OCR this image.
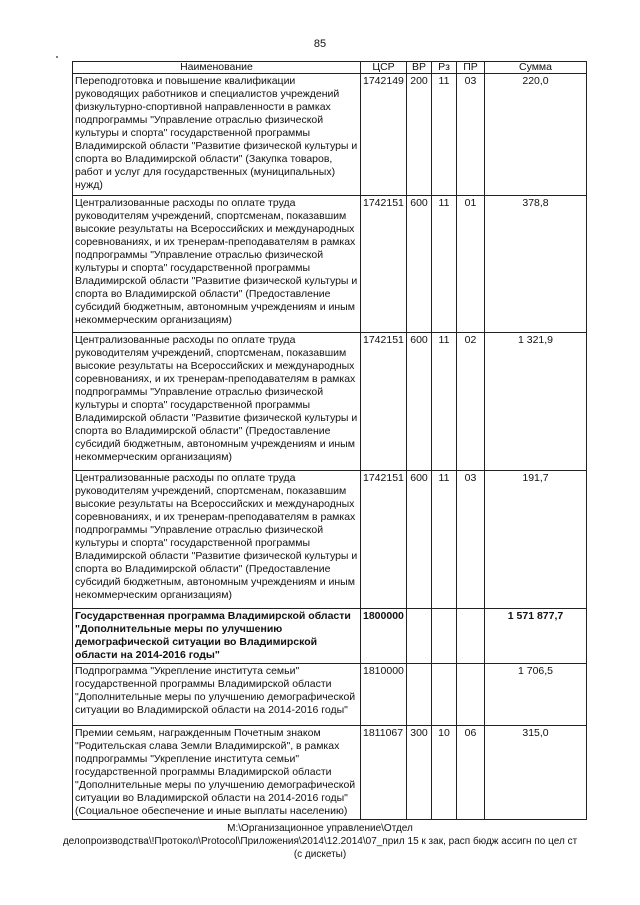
85
Наименование	ЦСР	ВР	Рз	ПР	Сумма
Переподготовка и повышение квалификации руководящих работников и специалистов учреждений физкультурно-спортивной направленности в рамках подпрограммы "Управление отраслью физической культуры и спорта" государственной программы Владимирской области "Развитие физической культуры и спорта во Владимирской области" (Закупка товаров, работ и услуг для государственных (муниципальных) нужд)	1742149	200	11	03	220,0
Централизованные расходы по оплате труда руководителям учреждений, спортсменам, показавшим высокие результаты на Всероссийских и международных соревнованиях, и их тренерам-преподавателям в рамках подпрограммы "Управление отраслью физической культуры и спорта" государственной программы Владимирской области "Развитие физической культуры и спорта во Владимирской области" (Предоставление субсидий бюджетным, автономным учреждениям и иным некоммерческим организациям)	1742151	600	11	01	378,8
Централизованные расходы по оплате труда руководителям учреждений, спортсменам, показавшим высокие результаты на Всероссийских и международных соревнованиях, и их тренерам-преподавателям в рамках подпрограммы "Управление отраслью физической культуры и спорта" государственной программы Владимирской области "Развитие физической культуры и спорта во Владимирской области" (Предоставление субсидий бюджетным, автономным учреждениям и иным некоммерческим организациям)	1742151	600	11	02	1 321,9
Централизованные расходы по оплате труда руководителям учреждений, спортсменам, показавшим высокие результаты на Всероссийских и международных соревнованиях, и их тренерам-преподавателям в рамках подпрограммы "Управление отраслью физической культуры и спорта" государственной программы Владимирской области "Развитие физической культуры и спорта во Владимирской области" (Предоставление субсидий бюджетным, автономным учреждениям и иным некоммерческим организациям)	1742151	600	11	03	191,7
Государственная программа Владимирской области "Дополнительные меры по улучшению демографической ситуации во Владимирской области на 2014-2016 годы"	1800000				1 571 877,7
Подпрограмма "Укрепление института семьи" государственной программы Владимирской области "Дополнительные меры по улучшению демографической ситуации во Владимирской области на 2014-2016 годы"	1810000				1 706,5
Премии семьям, награжденным Почетным знаком "Родительская слава Земли Владимирской", в рамках подпрограммы "Укрепление института семьи" государственной программы Владимирской области "Дополнительные меры по улучшению демографической ситуации во Владимирской области на 2014-2016 годы" (Социальное обеспечение и иные выплаты населению)	1811067	300	10	06	315,0
М:\Организационное управление\Отдел
делопроизводства\!Протокол\Protocol\Приложения\2014\12.2014\07_прил 15 к зак, расп бюдж ассигн по цел ст
(с дискеты)
